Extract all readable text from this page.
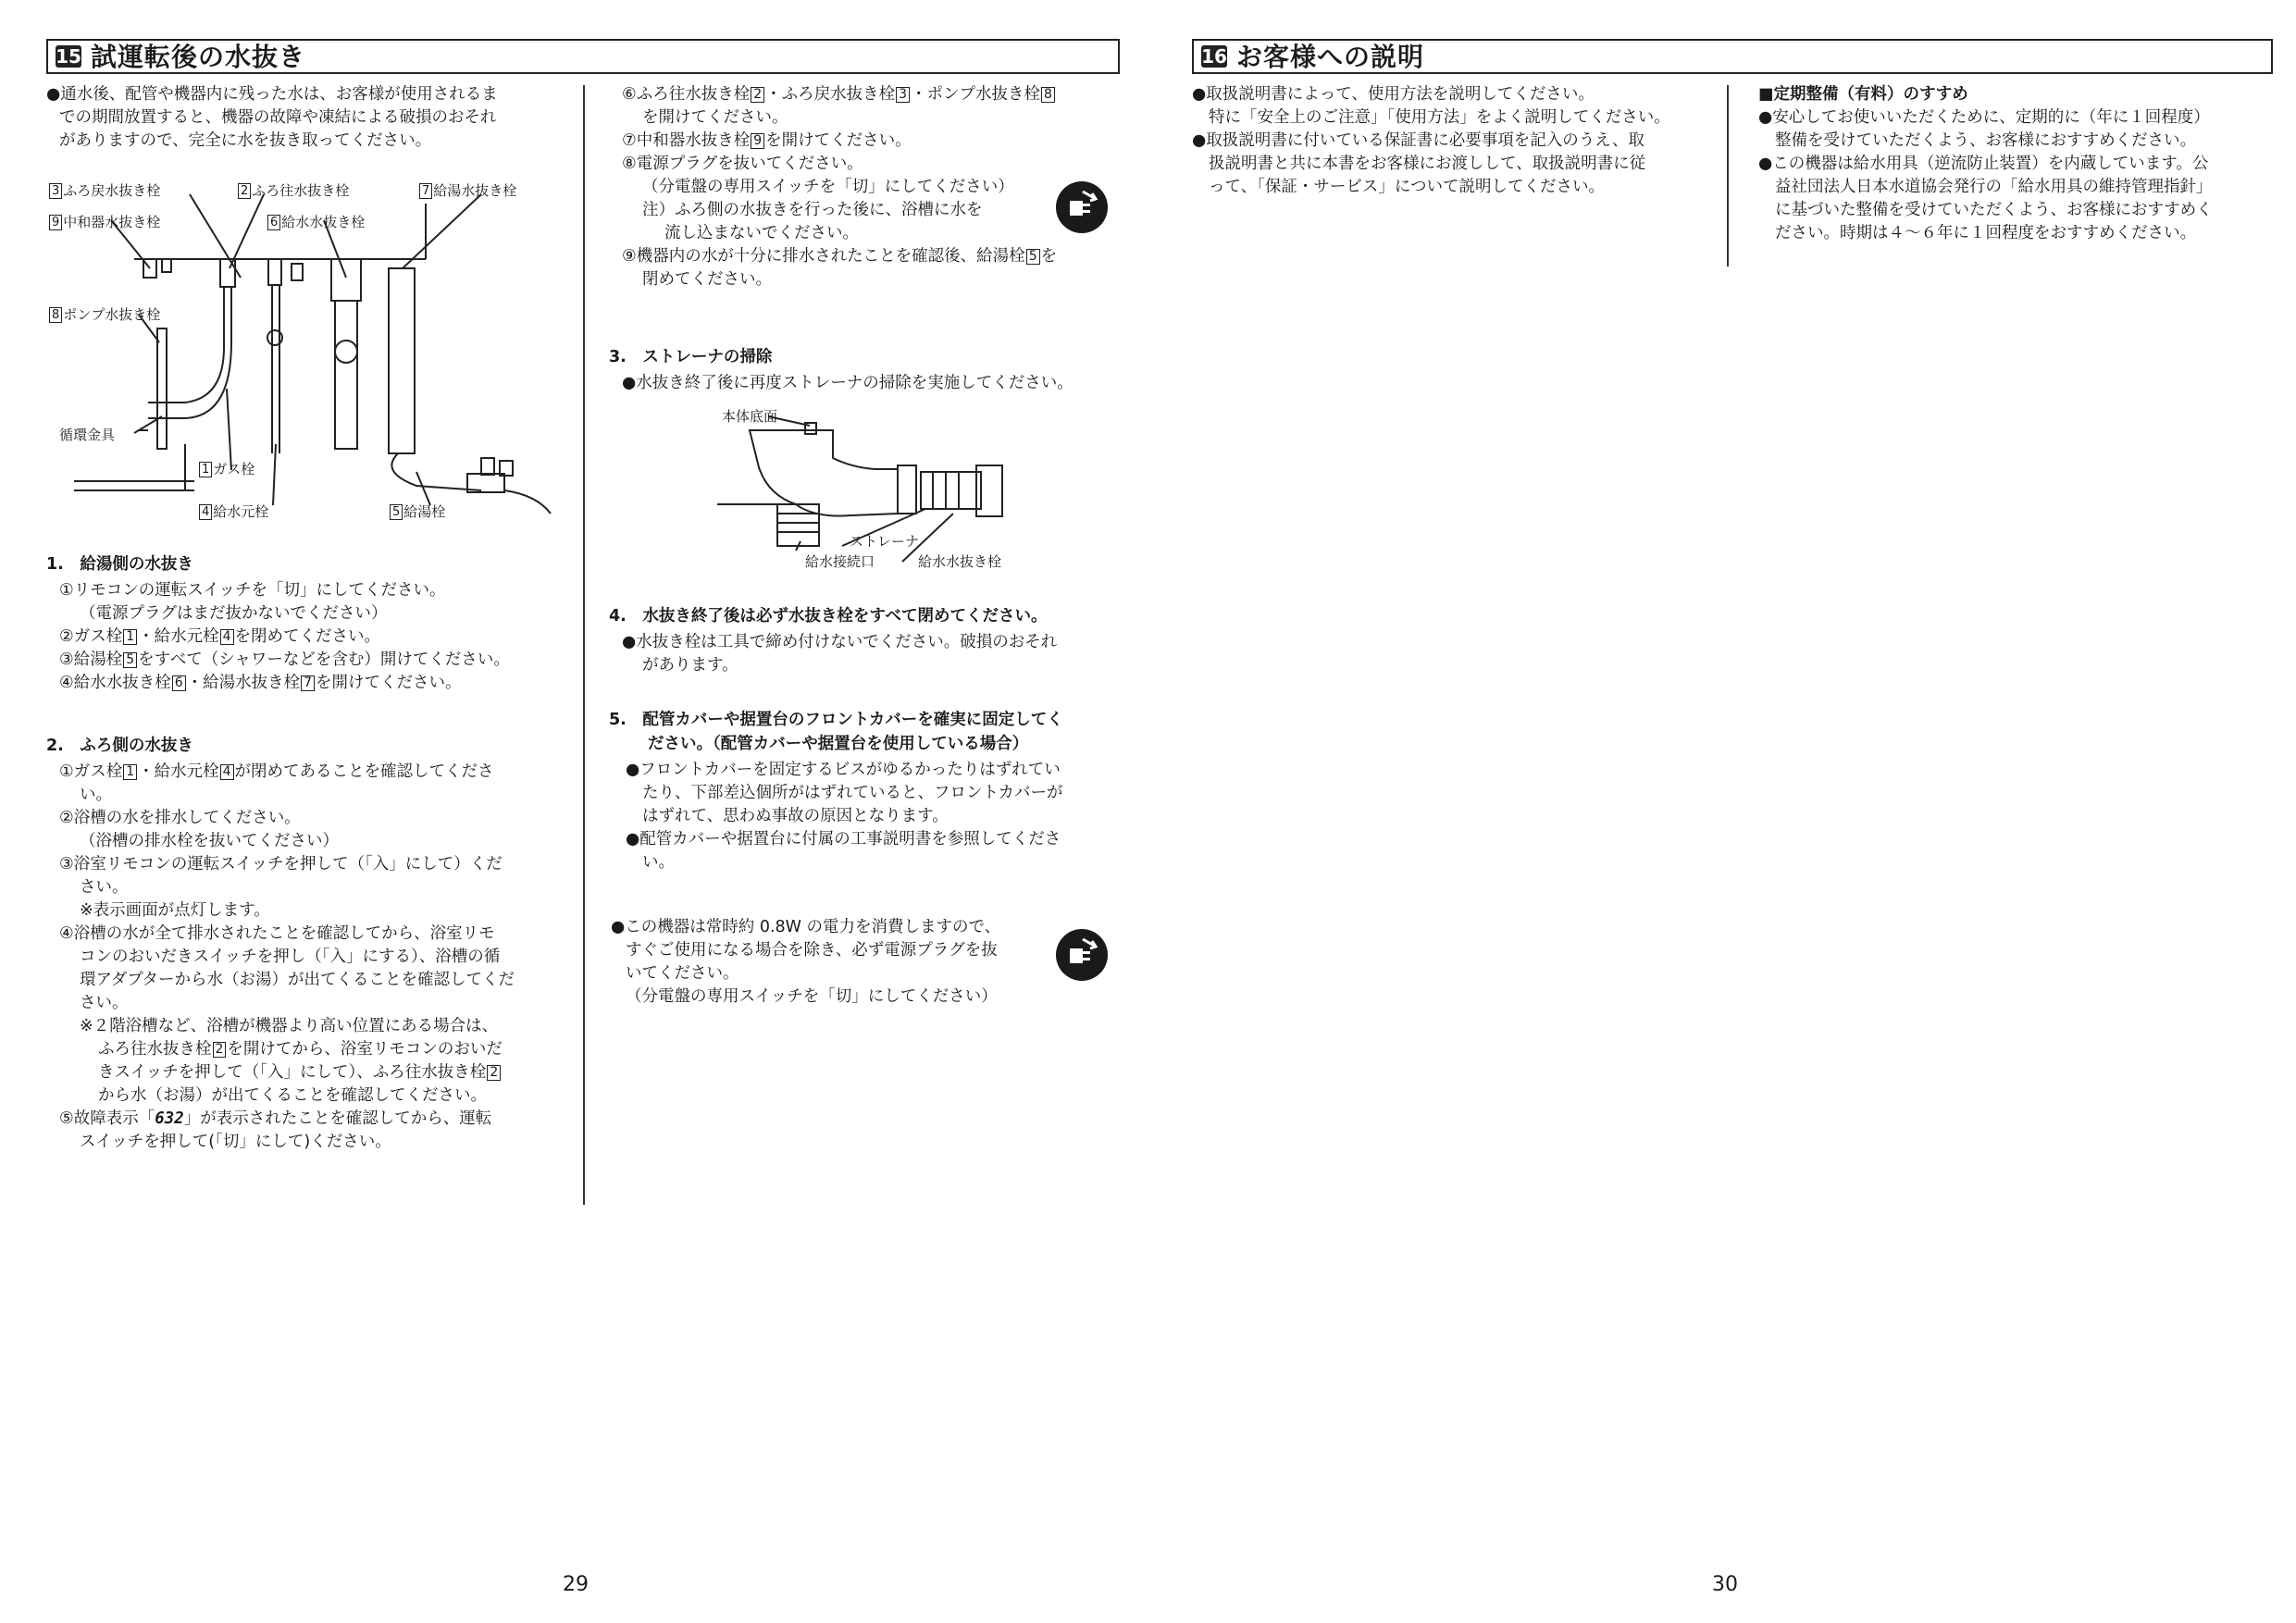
15 試運転後の水抜き
●通水後、配管や機器内に残った水は、お客様が使用されるま
での期間放置すると、機器の故障や凍結による破損のおそれ
がありますので、完全に水を抜き取ってください。
3 ふろ戻水抜き栓	2 ふろ往水抜き栓	7 給湯水抜き栓
9 中和器水抜き栓	6 給水水抜き栓
8 ポンプ水抜き栓
循環金具
1 ガス栓
4 給水元栓	5 給湯栓
1.　給湯側の水抜き
①リモコンの運転スイッチを「切」にしてください。
（電源プラグはまだ抜かないでください）
②ガス栓 1 ・給水元栓 4 を閉めてください。
③給湯栓 5 をすべて（シャワーなどを含む）開けてください。
④給水水抜き栓 6 ・給湯水抜き栓 7 を開けてください。
2.　ふろ側の水抜き
①ガス栓 1 ・給水元栓 4 が閉めてあることを確認してくださ
い。
②浴槽の水を排水してください。
（浴槽の排水栓を抜いてください）
③浴室リモコンの運転スイッチを押して（「入」にして）くだ
さい。
※表示画面が点灯します。
④浴槽の水が全て排水されたことを確認してから、浴室リモ
コンのおいだきスイッチを押し（「入」にする）、浴槽の循
環アダプターから水（お湯）が出てくることを確認してくだ
さい。
※２階浴槽など、浴槽が機器より高い位置にある場合は、
ふろ往水抜き栓 2 を開けてから、浴室リモコンのおいだ
きスイッチを押して（「入」にして）、ふろ往水抜き栓 2
から水（お湯）が出てくることを確認してください。
⑤故障表示「632」が表示されたことを確認してから、運転
スイッチを押して(「切」にして)ください。
⑥ふろ往水抜き栓 2 ・ふろ戻水抜き栓 3 ・ポンプ水抜き栓 8
を開けてください。
⑦中和器水抜き栓 9 を開けてください。
⑧電源プラグを抜いてください。
（分電盤の専用スイッチを「切」にしてください）
注）ふろ側の水抜きを行った後に、浴槽に水を
流し込まないでください。
⑨機器内の水が十分に排水されたことを確認後、給湯栓 5 を
閉めてください。
3.　ストレーナの掃除
●水抜き終了後に再度ストレーナの掃除を実施してください。
本体底面
ストレーナ
給水接続口	給水水抜き栓
4.　水抜き終了後は必ず水抜き栓をすべて閉めてください。
●水抜き栓は工具で締め付けないでください。破損のおそれ
があります。
5.　配管カバーや据置台のフロントカバーを確実に固定してく
ださい。（配管カバーや据置台を使用している場合）
●フロントカバーを固定するビスがゆるかったりはずれてい
たり、下部差込個所がはずれていると、フロントカバーが
はずれて、思わぬ事故の原因となります。
●配管カバーや据置台に付属の工事説明書を参照してくださ
い。
●この機器は常時約 0.8W の電力を消費しますので、
すぐご使用になる場合を除き、必ず電源プラグを抜
いてください。
（分電盤の専用スイッチを「切」にしてください）
29
16 お客様への説明
●取扱説明書によって、使用方法を説明してください。
特に「安全上のご注意」「使用方法」をよく説明してください。
●取扱説明書に付いている保証書に必要事項を記入のうえ、取
扱説明書と共に本書をお客様にお渡しして、取扱説明書に従
って、「保証・サービス」について説明してください。
■定期整備（有料）のすすめ
●安心してお使いいただくために、定期的に（年に１回程度）
整備を受けていただくよう、お客様におすすめください。
●この機器は給水用具（逆流防止装置）を内蔵しています。公
益社団法人日本水道協会発行の「給水用具の維持管理指針」
に基づいた整備を受けていただくよう、お客様におすすめく
ださい。時期は４～６年に１回程度をおすすめください。
30
